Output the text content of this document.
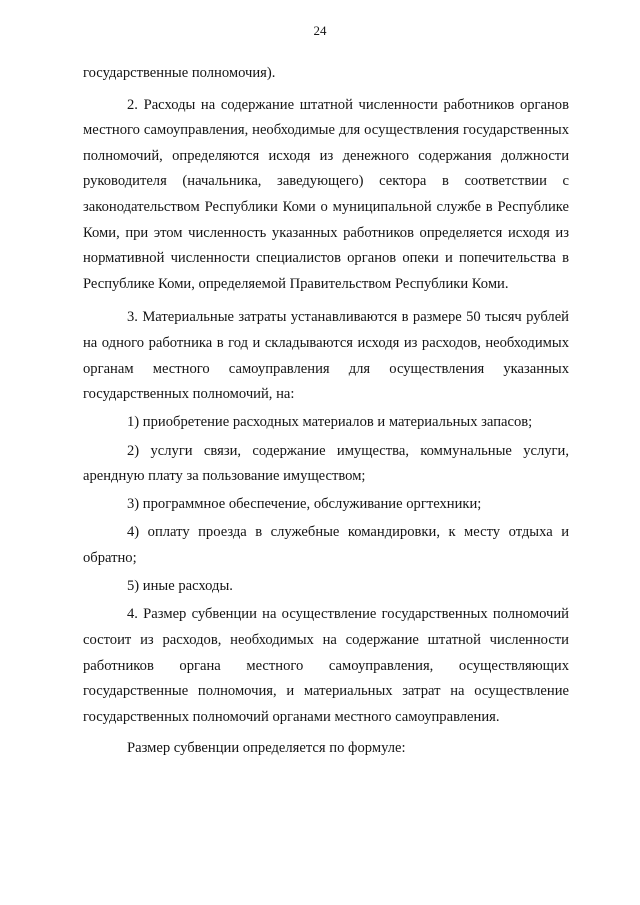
24

государственные полномочия).

2. Расходы на содержание штатной численности работников органов местного самоуправления, необходимые для осуществления государственных полномочий, определяются исходя из денежного содержания должности руководителя (начальника, заведующего) сектора в соответствии с законодательством Республики Коми о муниципальной службе в Республике Коми, при этом численность указанных работников определяется исходя из нормативной численности специалистов органов опеки и попечительства в Республике Коми, определяемой Правительством Республики Коми.

3. Материальные затраты устанавливаются в размере 50 тысяч рублей на одного работника в год и складываются исходя из расходов, необходимых органам местного самоуправления для осуществления указанных государственных полномочий, на:

1) приобретение расходных материалов и материальных запасов;

2) услуги связи, содержание имущества, коммунальные услуги, арендную плату за пользование имуществом;

3) программное обеспечение, обслуживание оргтехники;

4) оплату проезда в служебные командировки, к месту отдыха и обратно;

5) иные расходы.

4. Размер субвенции на осуществление государственных полномочий состоит из расходов, необходимых на содержание штатной численности работников органа местного самоуправления, осуществляющих государственные полномочия, и материальных затрат на осуществление государственных полномочий органами местного самоуправления.

Размер субвенции определяется по формуле:
